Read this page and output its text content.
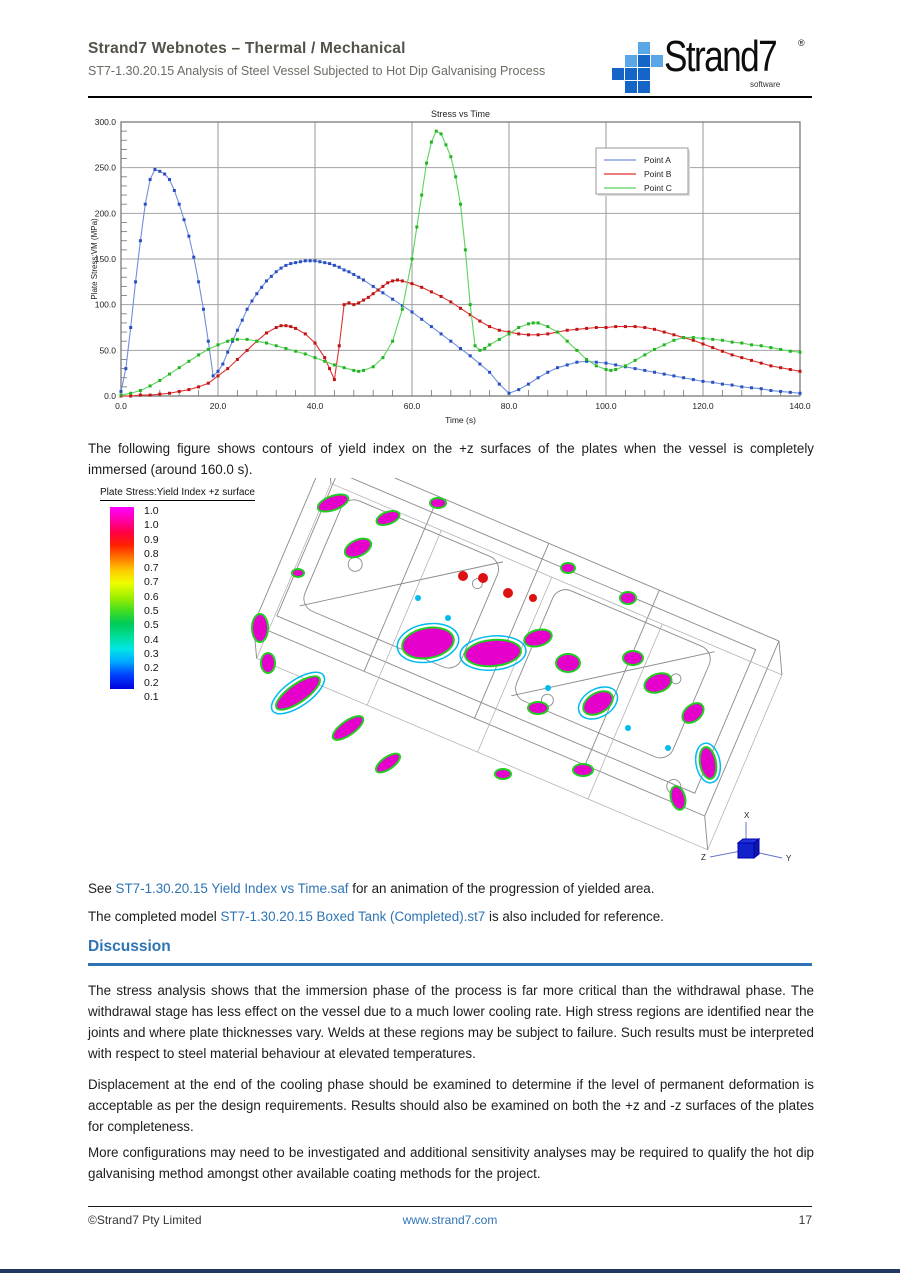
Strand7 Webnotes – Thermal / Mechanical
ST7-1.30.20.15 Analysis of Steel Vessel Subjected to Hot Dip Galvanising Process	Strand7 ®
software
0.0
50.0
100.0
150.0
200.0
250.0
300.0
0.0	20.0	40.0	60.0	80.0	100.0	120.0	140.0
Stress vs Time
Time (s)
Plate Stress:VM (MPa)
Point A
Point B
Point C
The following figure shows contours of yield index on the +z surfaces of the plates when the vessel is completely immersed (around 160.0 s).
Plate Stress:Yield Index +z surface
1.0
1.0
0.9
0.8
0.7
0.7
0.6
0.5
0.5
0.4
0.3
0.2
0.2
0.1
X
Y
Z
See ST7-1.30.20.15 Yield Index vs Time.saf for an animation of the progression of yielded area.
The completed model ST7-1.30.20.15 Boxed Tank (Completed).st7 is also included for reference.
Discussion
The stress analysis shows that the immersion phase of the process is far more critical than the withdrawal phase. The withdrawal stage has less effect on the vessel due to a much lower cooling rate. High stress regions are identified near the joints and where plate thicknesses vary. Welds at these regions may be subject to failure. Such results must be interpreted with respect to steel material behaviour at elevated temperatures.
Displacement at the end of the cooling phase should be examined to determine if the level of permanent deformation is acceptable as per the design requirements. Results should also be examined on both the +z and -z surfaces of the plates for completeness.
More configurations may need to be investigated and additional sensitivity analyses may be required to qualify the hot dip galvanising method amongst other available coating methods for the project.
©Strand7 Pty Limited	www.strand7.com	17
